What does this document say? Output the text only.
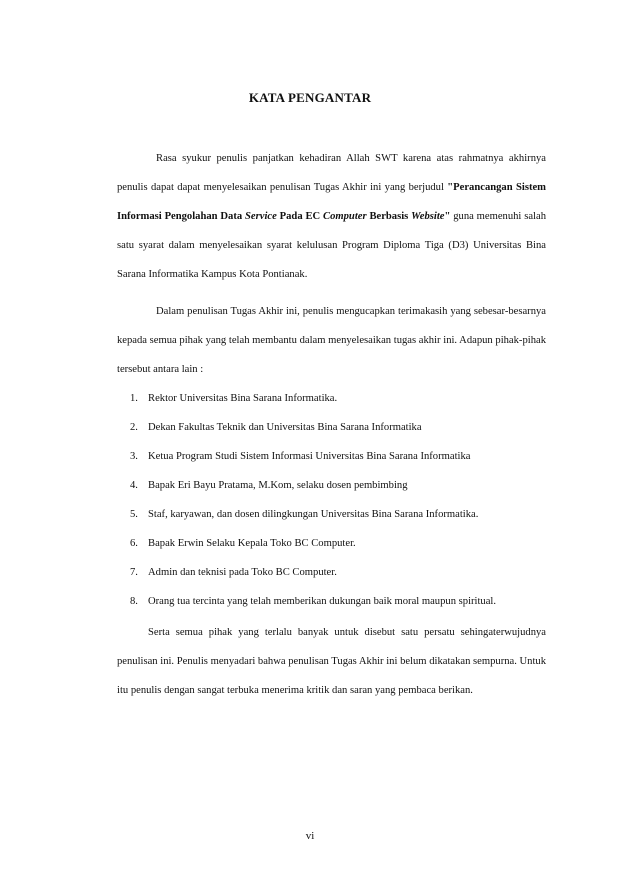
KATA PENGANTAR

Rasa syukur penulis panjatkan kehadiran Allah SWT karena atas rahmatnya akhirnya penulis dapat dapat menyelesaikan penulisan Tugas Akhir ini yang berjudul "Perancangan Sistem Informasi Pengolahan Data Service Pada EC Computer Berbasis Website" guna memenuhi salah satu syarat dalam menyelesaikan syarat kelulusan Program Diploma Tiga (D3) Universitas Bina Sarana Informatika Kampus Kota Pontianak.

Dalam penulisan Tugas Akhir ini, penulis mengucapkan terimakasih yang sebesar-besarnya kepada semua pihak yang telah membantu dalam menyelesaikan tugas akhir ini. Adapun pihak-pihak tersebut antara lain :

1. Rektor Universitas Bina Sarana Informatika.
2. Dekan Fakultas Teknik dan Universitas Bina Sarana Informatika
3. Ketua Program Studi Sistem Informasi Universitas Bina Sarana Informatika
4. Bapak Eri Bayu Pratama, M.Kom, selaku dosen pembimbing
5. Staf, karyawan, dan dosen dilingkungan Universitas Bina Sarana Informatika.
6. Bapak Erwin Selaku Kepala Toko BC Computer.
7. Admin dan teknisi pada Toko BC Computer.
8. Orang tua tercinta yang telah memberikan dukungan baik moral maupun spiritual.

Serta semua pihak yang terlalu banyak untuk disebut satu persatu sehingaterwujudnya penulisan ini. Penulis menyadari bahwa penulisan Tugas Akhir ini belum dikatakan sempurna. Untuk itu penulis dengan sangat terbuka menerima kritik dan saran yang pembaca berikan.

vi
